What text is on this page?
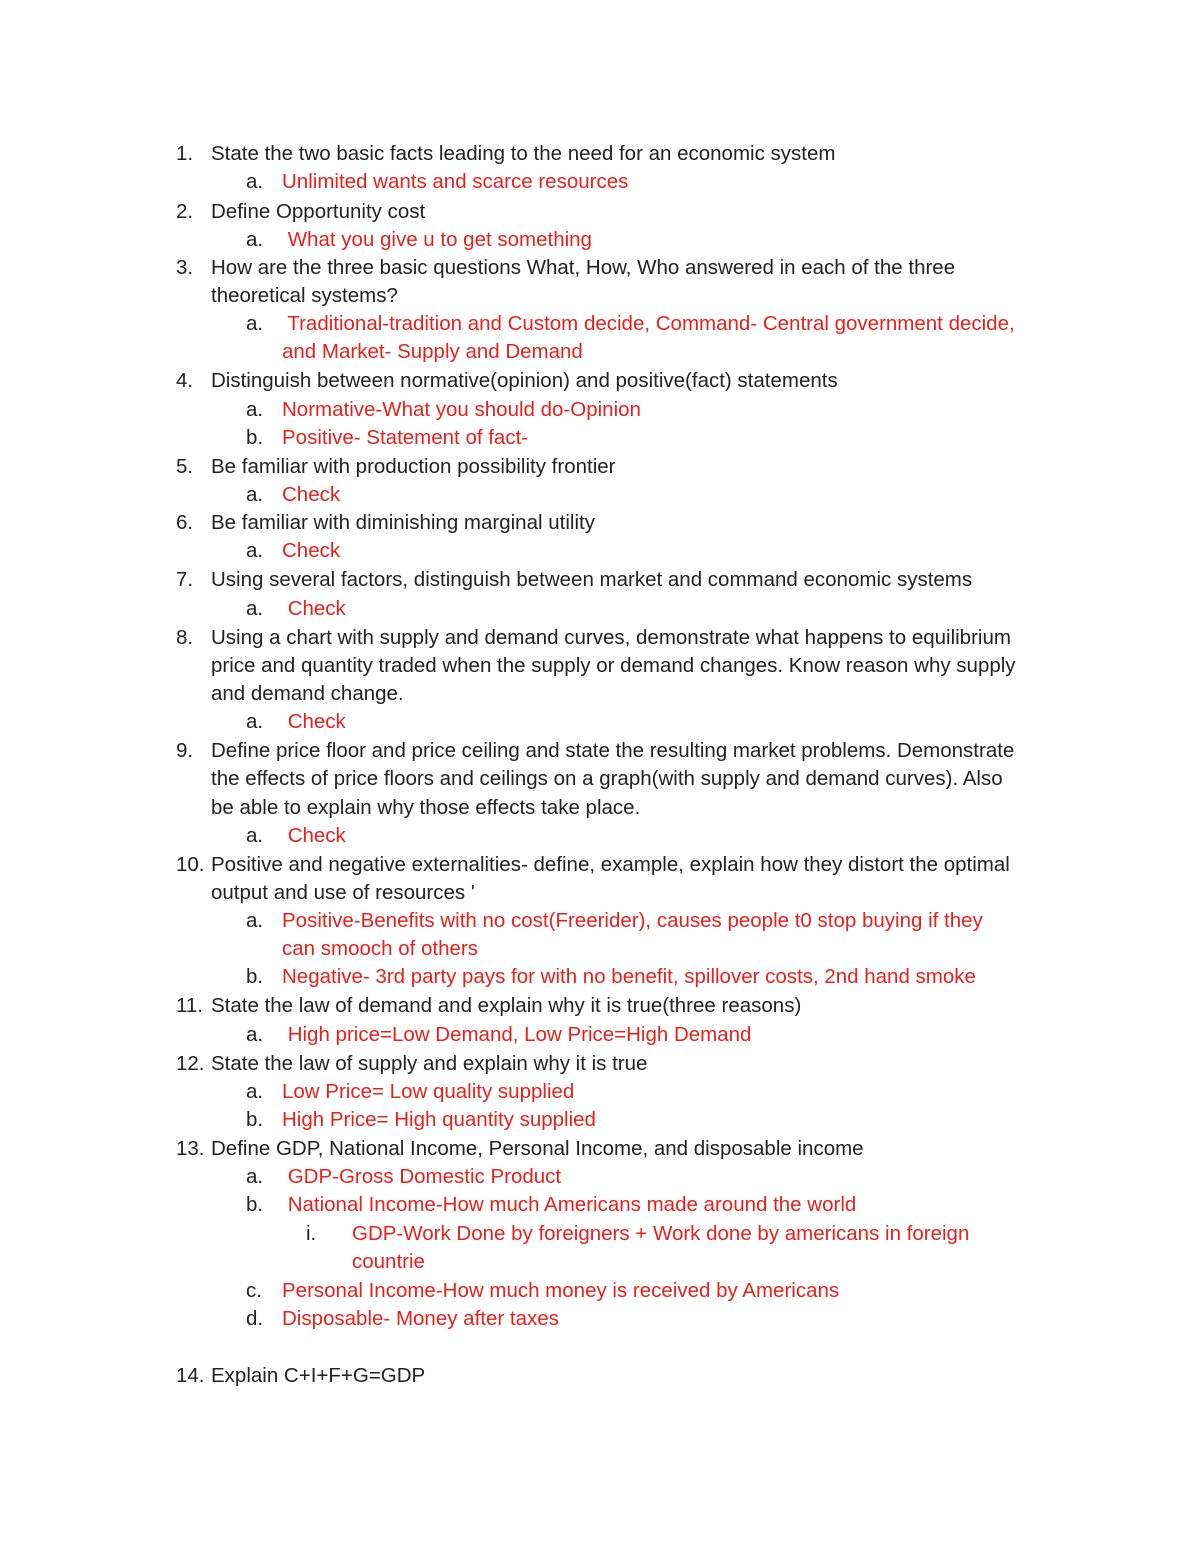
1. State the two basic facts leading to the need for an economic system
a. Unlimited wants and scarce resources
2. Define Opportunity cost
a. What you give u to get something
3. How are the three basic questions What, How, Who answered in each of the three
theoretical systems?
a. Traditional-tradition and Custom decide, Command- Central government decide,
and Market- Supply and Demand
4. Distinguish between normative(opinion) and positive(fact) statements
a. Normative-What you should do-Opinion
b. Positive- Statement of fact-
5. Be familiar with production possibility frontier
a. Check
6. Be familiar with diminishing marginal utility
a. Check
7. Using several factors, distinguish between market and command economic systems
a. Check
8. Using a chart with supply and demand curves, demonstrate what happens to equilibrium
price and quantity traded when the supply or demand changes. Know reason why supply
and demand change.
a. Check
9. Define price floor and price ceiling and state the resulting market problems. Demonstrate
the effects of price floors and ceilings on a graph(with supply and demand curves). Also
be able to explain why those effects take place.
a. Check
10. Positive and negative externalities- define, example, explain how they distort the optimal
output and use of resources '
a. Positive-Benefits with no cost(Freerider), causes people t0 stop buying if they
can smooch of others
b. Negative- 3rd party pays for with no benefit, spillover costs, 2nd hand smoke
11. State the law of demand and explain why it is true(three reasons)
a. High price=Low Demand, Low Price=High Demand
12. State the law of supply and explain why it is true
a. Low Price= Low quality supplied
b. High Price= High quantity supplied
13. Define GDP, National Income, Personal Income, and disposable income
a. GDP-Gross Domestic Product
b. National Income-How much Americans made around the world
i. GDP-Work Done by foreigners + Work done by americans in foreign
countrie
c. Personal Income-How much money is received by Americans
d. Disposable- Money after taxes
14. Explain C+I+F+G=GDP
